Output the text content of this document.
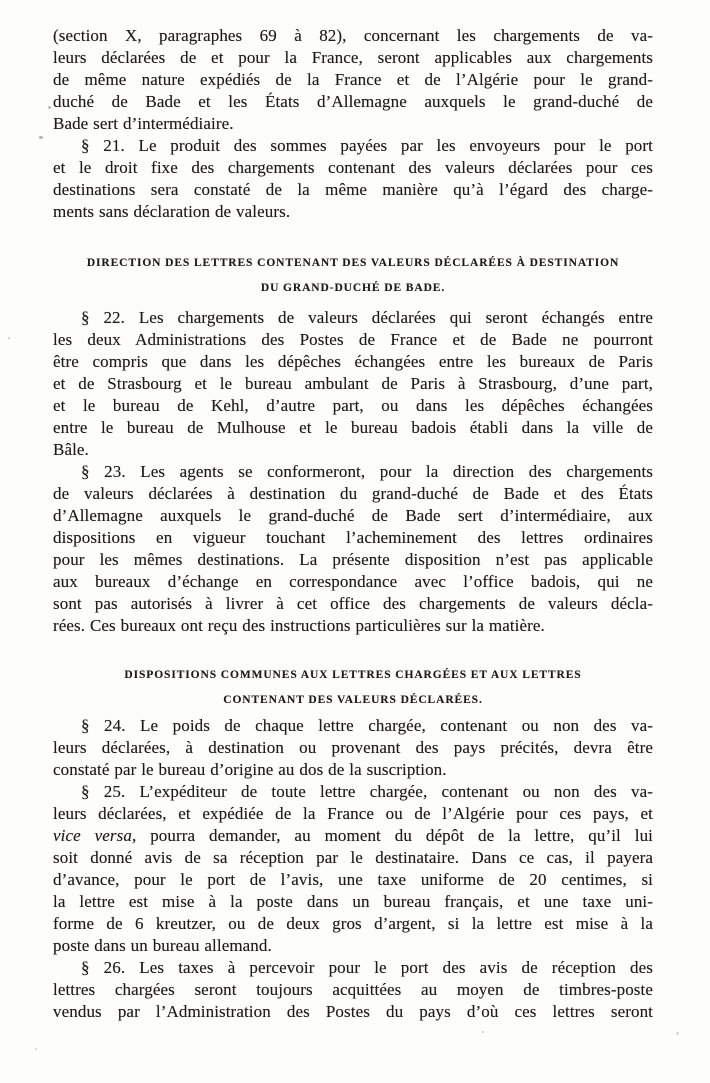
(section X, paragraphes 69 à 82), concernant les chargements de va-
leurs déclarées de et pour la France, seront applicables aux chargements
de même nature expédiés de la France et de l’Algérie pour le grand-
duché de Bade et les États d’Allemagne auxquels le grand-duché de
Bade sert d’intermédiaire.
§ 21. Le produit des sommes payées par les envoyeurs pour le port
et le droit fixe des chargements contenant des valeurs déclarées pour ces
destinations sera constaté de la même manière qu’à l’égard des charge-
ments sans déclaration de valeurs.
DIRECTION DES LETTRES CONTENANT DES VALEURS DÉCLARÉES À DESTINATION
DU GRAND-DUCHÉ DE BADE.
§ 22. Les chargements de valeurs déclarées qui seront échangés entre
les deux Administrations des Postes de France et de Bade ne pourront
être compris que dans les dépêches échangées entre les bureaux de Paris
et de Strasbourg et le bureau ambulant de Paris à Strasbourg, d’une part,
et le bureau de Kehl, d’autre part, ou dans les dépêches échangées
entre le bureau de Mulhouse et le bureau badois établi dans la ville de
Bâle.
§ 23. Les agents se conformeront, pour la direction des chargements
de valeurs déclarées à destination du grand-duché de Bade et des États
d’Allemagne auxquels le grand-duché de Bade sert d’intermédiaire, aux
dispositions en vigueur touchant l’acheminement des lettres ordinaires
pour les mêmes destinations. La présente disposition n’est pas applicable
aux bureaux d’échange en correspondance avec l’office badois, qui ne
sont pas autorisés à livrer à cet office des chargements de valeurs décla-
rées. Ces bureaux ont reçu des instructions particulières sur la matière.
DISPOSITIONS COMMUNES AUX LETTRES CHARGÉES ET AUX LETTRES
CONTENANT DES VALEURS DÉCLARÉES.
§ 24. Le poids de chaque lettre chargée, contenant ou non des va-
leurs déclarées, à destination ou provenant des pays précités, devra être
constaté par le bureau d’origine au dos de la suscription.
§ 25. L’expéditeur de toute lettre chargée, contenant ou non des va-
leurs déclarées, et expédiée de la France ou de l’Algérie pour ces pays, et
vice versa, pourra demander, au moment du dépôt de la lettre, qu’il lui
soit donné avis de sa réception par le destinataire. Dans ce cas, il payera
d’avance, pour le port de l’avis, une taxe uniforme de 20 centimes, si
la lettre est mise à la poste dans un bureau français, et une taxe uni-
forme de 6 kreutzer, ou de deux gros d’argent, si la lettre est mise à la
poste dans un bureau allemand.
§ 26. Les taxes à percevoir pour le port des avis de réception des
lettres chargées seront toujours acquittées au moyen de timbres-poste
vendus par l’Administration des Postes du pays d’où ces lettres seront
